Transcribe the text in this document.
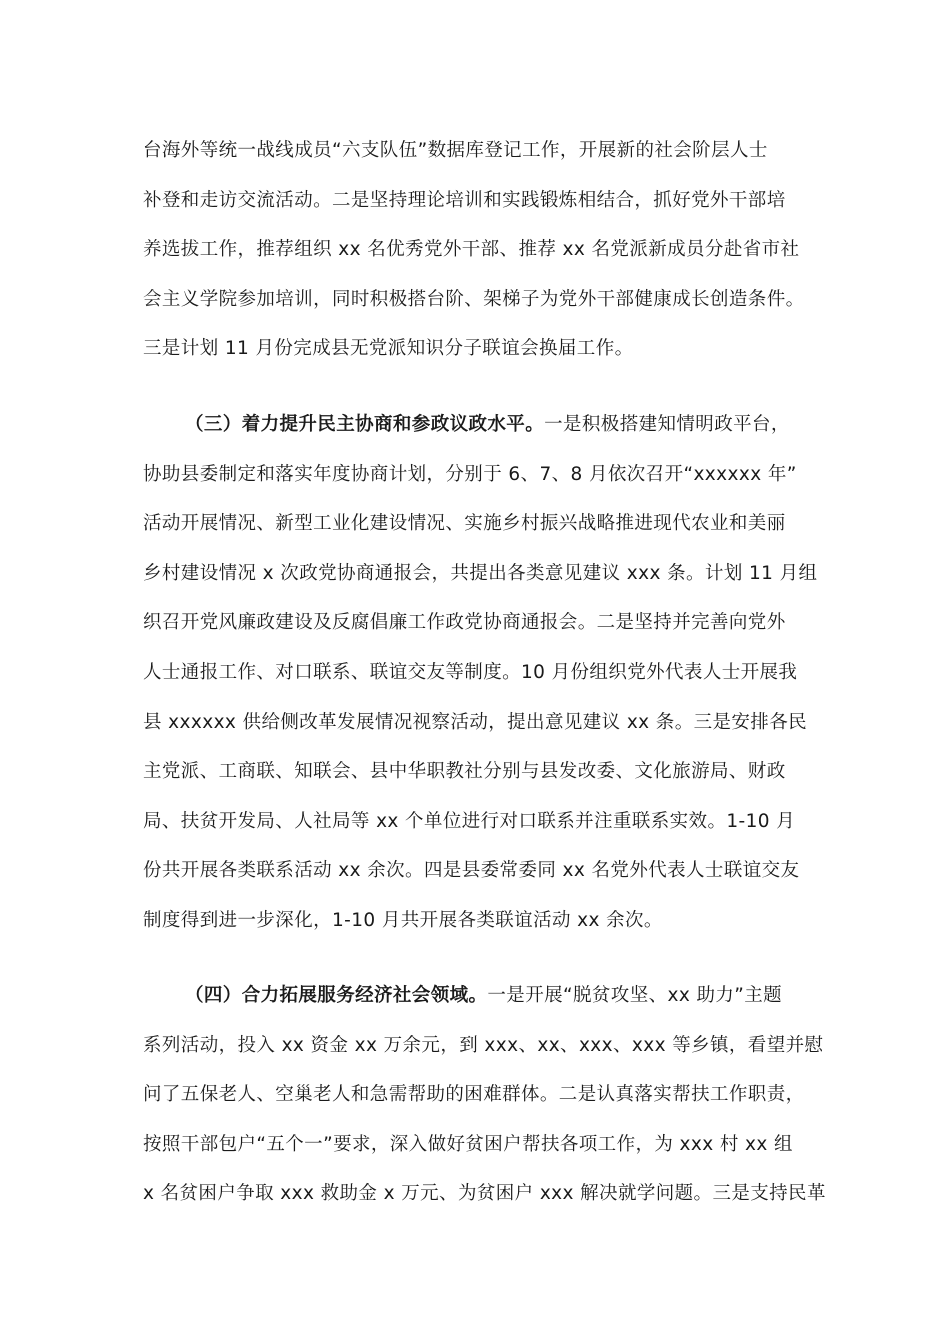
台海外等统一战线成员“六支队伍”数据库登记工作，开展新的社会阶层人士
补登和走访交流活动。二是坚持理论培训和实践锻炼相结合，抓好党外干部培
养选拔工作，推荐组织 xx 名优秀党外干部、推荐 xx 名党派新成员分赴省市社
会主义学院参加培训，同时积极搭台阶、架梯子为党外干部健康成长创造条件。
三是计划 11 月份完成县无党派知识分子联谊会换届工作。
（三）着力提升民主协商和参政议政水平。一是积极搭建知情明政平台，
协助县委制定和落实年度协商计划，分别于 6、7、8 月依次召开“xxxxxx 年”
活动开展情况、新型工业化建设情况、实施乡村振兴战略推进现代农业和美丽
乡村建设情况 x 次政党协商通报会，共提出各类意见建议 xxx 条。计划 11 月组
织召开党风廉政建设及反腐倡廉工作政党协商通报会。二是坚持并完善向党外
人士通报工作、对口联系、联谊交友等制度。10 月份组织党外代表人士开展我
县 xxxxxx 供给侧改革发展情况视察活动，提出意见建议 xx 条。三是安排各民
主党派、工商联、知联会、县中华职教社分别与县发改委、文化旅游局、财政
局、扶贫开发局、人社局等 xx 个单位进行对口联系并注重联系实效。1-10 月
份共开展各类联系活动 xx 余次。四是县委常委同 xx 名党外代表人士联谊交友
制度得到进一步深化，1-10 月共开展各类联谊活动 xx 余次。
（四）合力拓展服务经济社会领域。一是开展“脱贫攻坚、xx 助力”主题
系列活动，投入 xx 资金 xx 万余元，到 xxx、xx、xxx、xxx 等乡镇，看望并慰
问了五保老人、空巢老人和急需帮助的困难群体。二是认真落实帮扶工作职责，
按照干部包户“五个一”要求，深入做好贫困户帮扶各项工作，为 xxx 村 xx 组
x 名贫困户争取 xxx 救助金 x 万元、为贫困户 xxx 解决就学问题。三是支持民革
